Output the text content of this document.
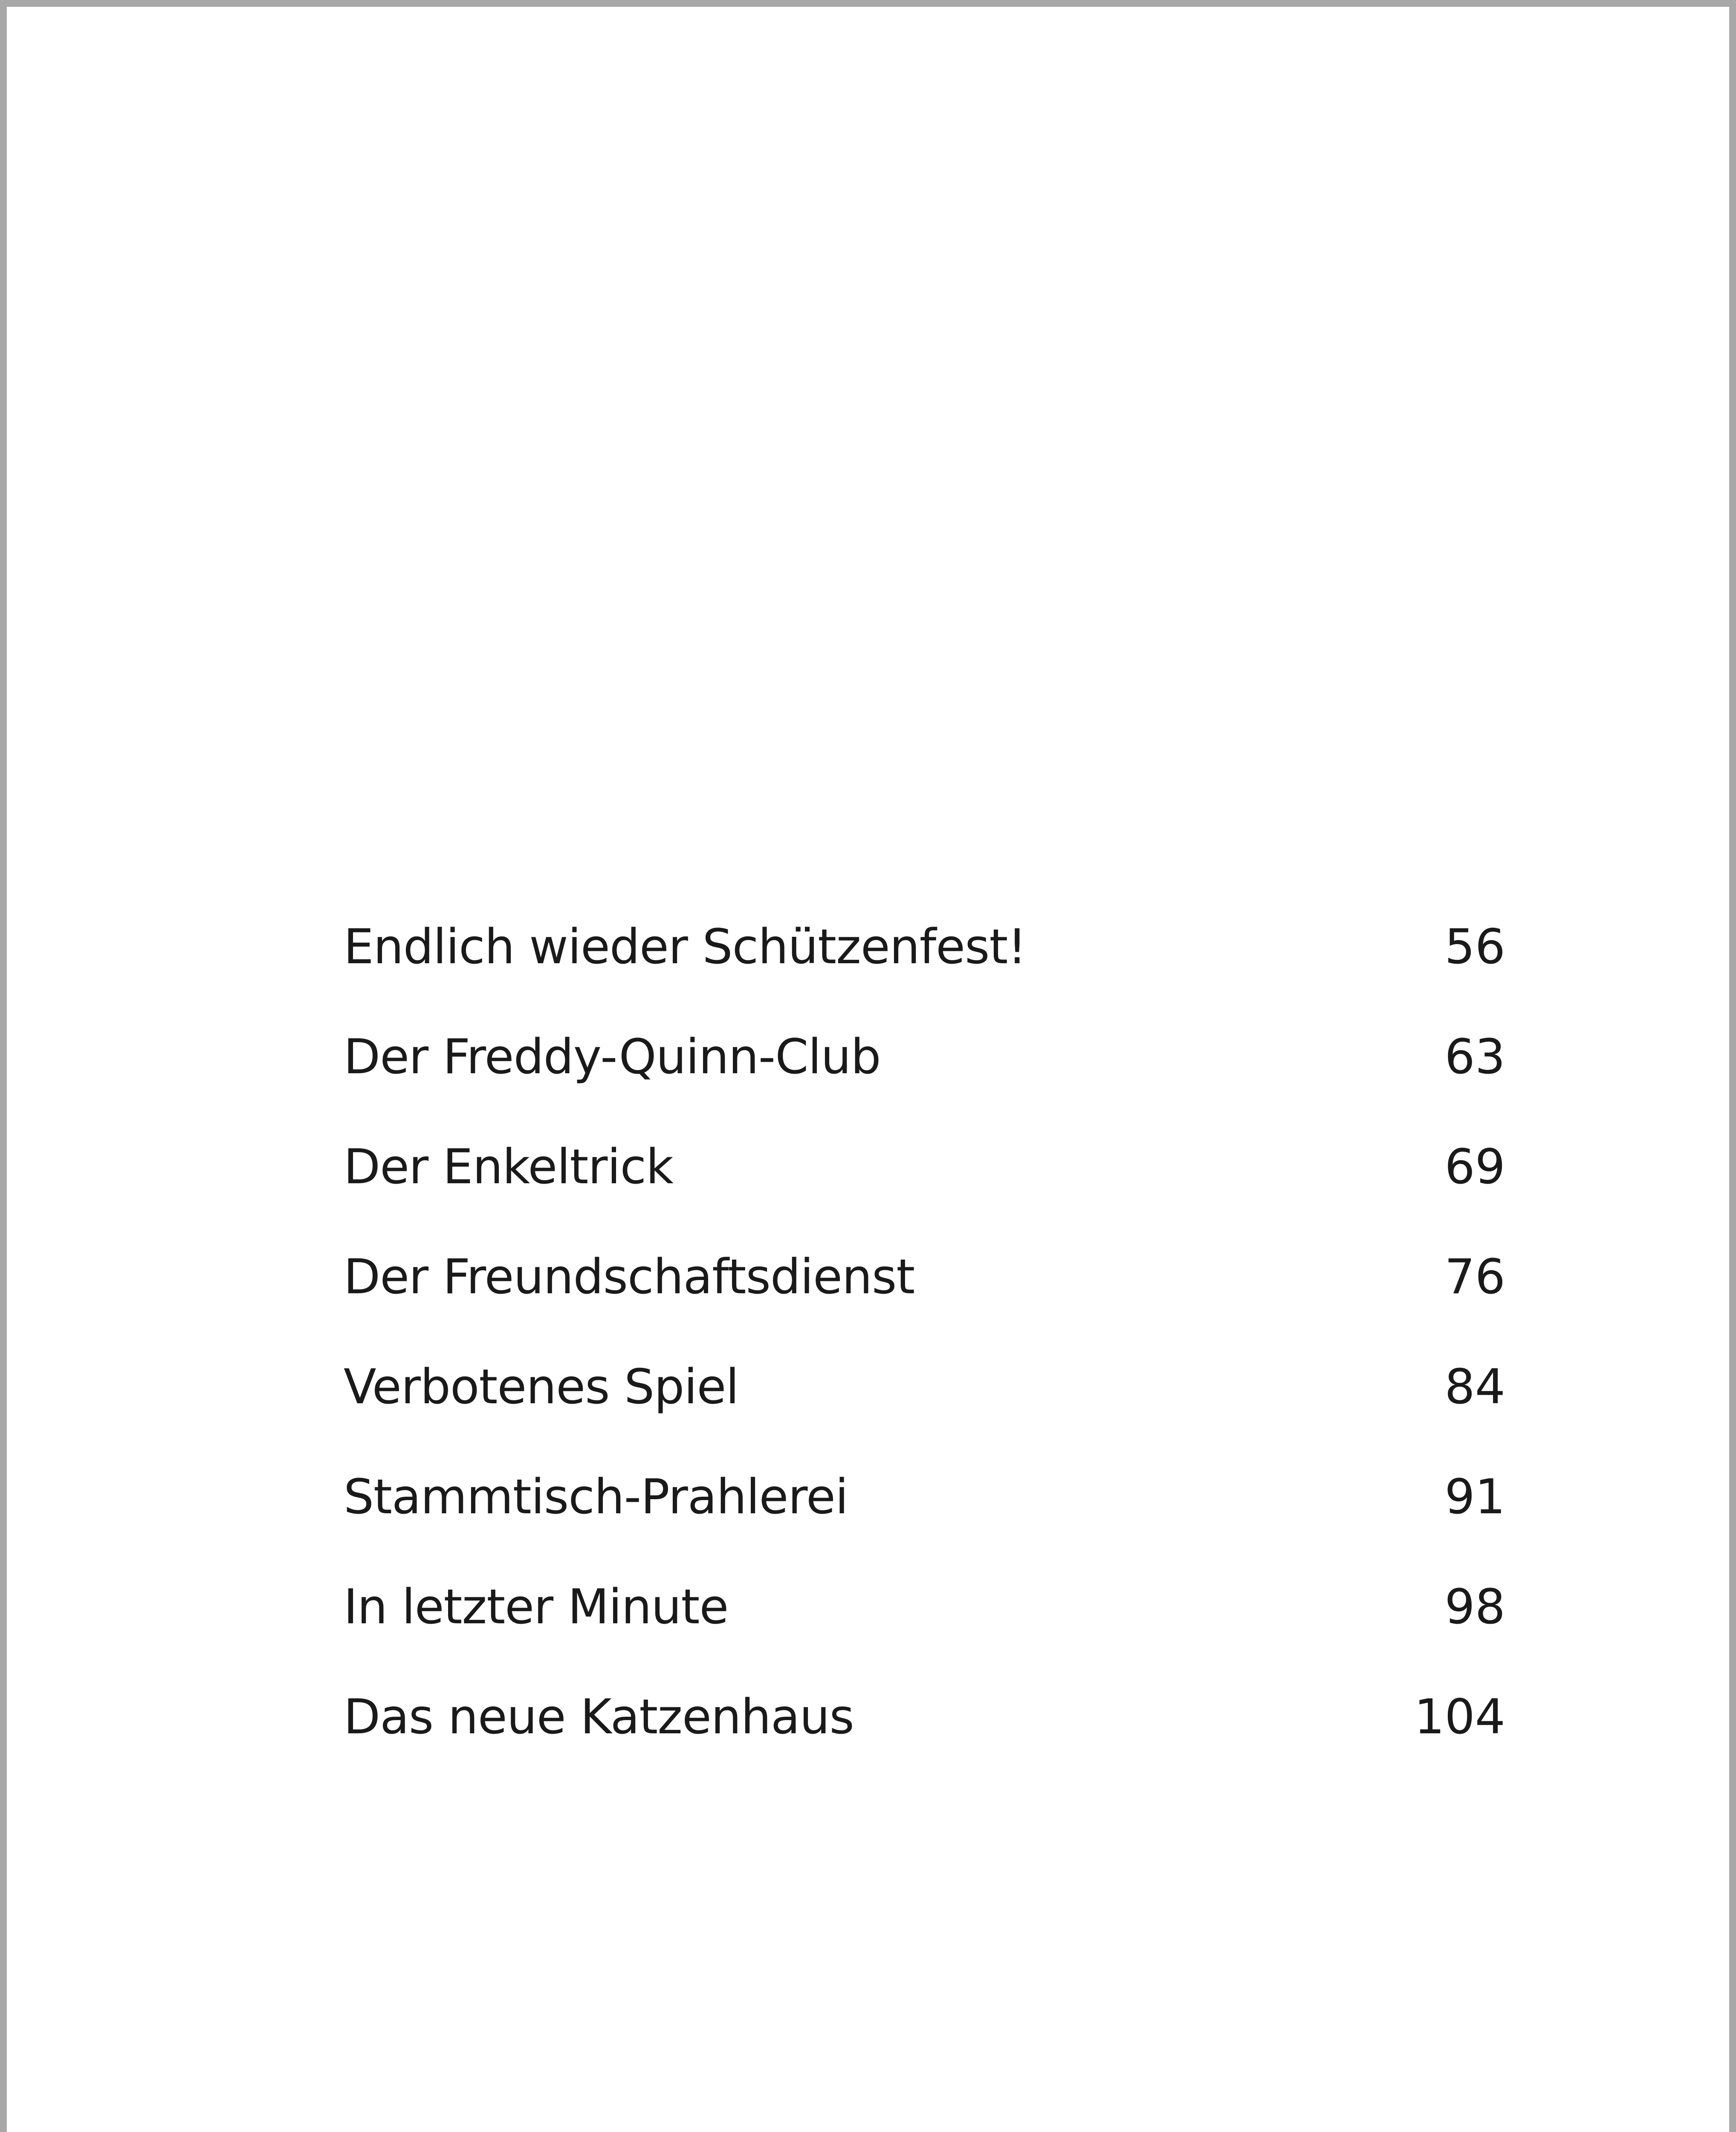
Endlich wieder Schützenfest!	56
Der Freddy-Quinn-Club	63
Der Enkeltrick	69
Der Freundschaftsdienst	76
Verbotenes Spiel	84
Stammtisch-Prahlerei	91
In letzter Minute	98
Das neue Katzenhaus	104
